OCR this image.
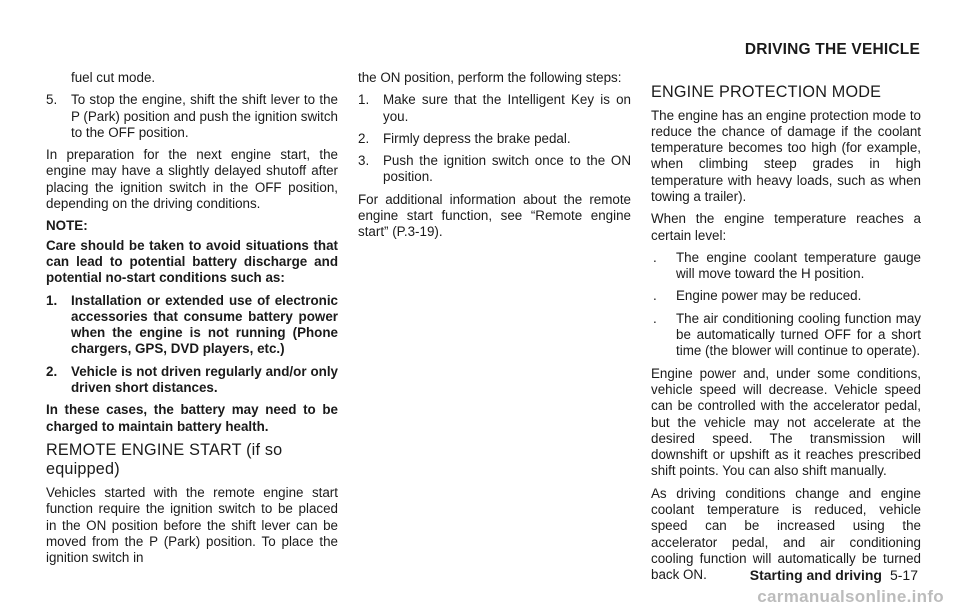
DRIVING THE VEHICLE

fuel cut mode.

5.	To stop the engine, shift the shift lever to the P (Park) position and push the ignition switch to the OFF position.

In preparation for the next engine start, the engine may have a slightly delayed shutoff after placing the ignition switch in the OFF position, depending on the driving conditions.

NOTE:

Care should be taken to avoid situations that can lead to potential battery discharge and potential no-start conditions such as:

1.	Installation or extended use of electronic accessories that consume battery power when the engine is not running (Phone chargers, GPS, DVD players, etc.)
2.	Vehicle is not driven regularly and/or only driven short distances.

In these cases, the battery may need to be charged to maintain battery health.

REMOTE ENGINE START (if so equipped)

Vehicles started with the remote engine start function require the ignition switch to be placed in the ON position before the shift lever can be moved from the P (Park) position. To place the ignition switch in

the ON position, perform the following steps:

1.	Make sure that the Intelligent Key is on you.
2.	Firmly depress the brake pedal.
3.	Push the ignition switch once to the ON position.

For additional information about the remote engine start function, see “Remote engine start” (P.3-19).

ENGINE PROTECTION MODE

The engine has an engine protection mode to reduce the chance of damage if the coolant temperature becomes too high (for example, when climbing steep grades in high temperature with heavy loads, such as when towing a trailer).

When the engine temperature reaches a certain level:

.	The engine coolant temperature gauge will move toward the H position.
.	Engine power may be reduced.
.	The air conditioning cooling function may be automatically turned OFF for a short time (the blower will continue to operate).

Engine power and, under some conditions, vehicle speed will decrease. Vehicle speed can be controlled with the accelerator pedal, but the vehicle may not accelerate at the desired speed. The transmission will downshift or upshift as it reaches prescribed shift points. You can also shift manually.

As driving conditions change and engine coolant temperature is reduced, vehicle speed can be increased using the accelerator pedal, and air conditioning cooling function will automatically be turned back ON.	Starting and driving 5-17
carmanualsonline.info
